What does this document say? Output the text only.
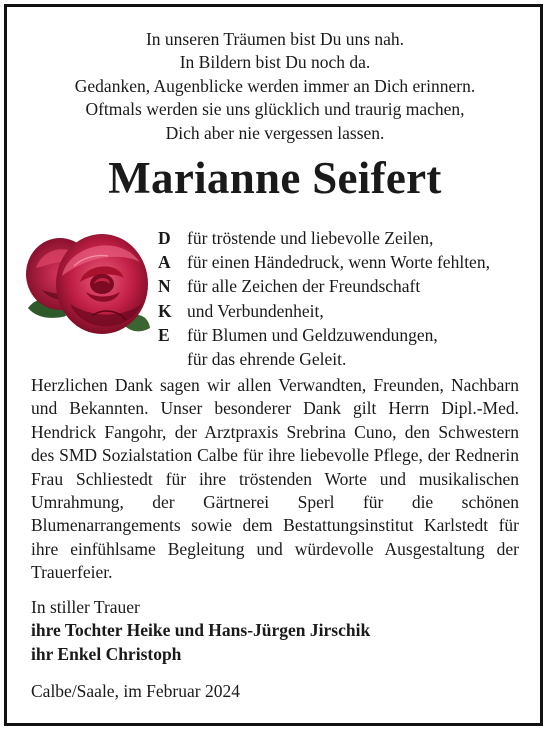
In unseren Träumen bist Du uns nah.
In Bildern bist Du noch da.
Gedanken, Augenblicke werden immer an Dich erinnern.
Oftmals werden sie uns glücklich und traurig machen,
Dich aber nie vergessen lassen.
Marianne Seifert
D für tröstende und liebevolle Zeilen,
A für einen Händedruck, wenn Worte fehlten,
N für alle Zeichen der Freundschaft
K und Verbundenheit,
E für Blumen und Geldzuwendungen,
für das ehrende Geleit.
Herzlichen Dank sagen wir allen Verwandten, Freunden, Nachbarn und Bekannten. Unser besonderer Dank gilt Herrn Dipl.-Med. Hendrick Fangohr, der Arztpraxis Srebrina Cuno, den Schwestern des SMD Sozialstation Calbe für ihre liebevolle Pflege, der Rednerin Frau Schliestedt für ihre tröstenden Worte und musikalischen Umrahmung, der Gärtnerei Sperl für die schönen Blumenarrangements sowie dem Bestattungsinstitut Karlstedt für ihre einfühlsame Begleitung und würdevolle Ausgestaltung der Trauerfeier.
In stiller Trauer
ihre Tochter Heike und Hans-Jürgen Jirschik
ihr Enkel Christoph
Calbe/Saale, im Februar 2024
